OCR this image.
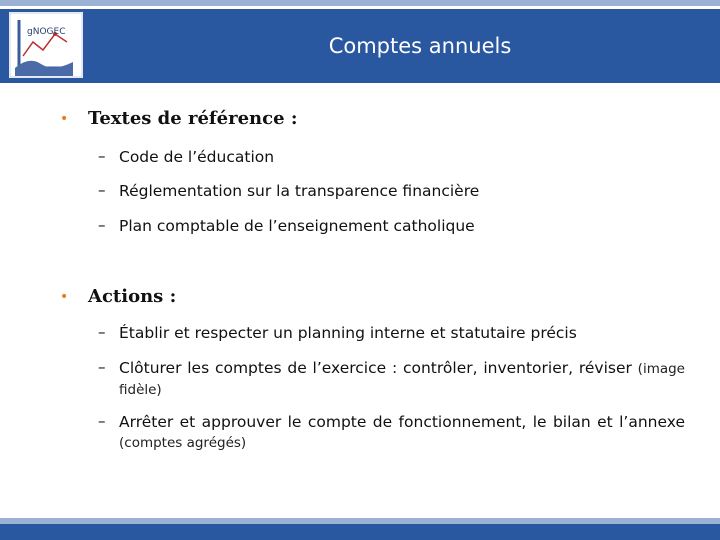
gNOGEC
Comptes annuels
• Textes de référence :
– Code de l’éducation
– Réglementation sur la transparence financière
– Plan comptable de l’enseignement catholique
• Actions :
– Établir et respecter un planning interne et statutaire précis
– Clôturer les comptes de l’exercice : contrôler, inventorier, réviser (image fidèle)
– Arrêter et approuver le compte de fonctionnement, le bilan et l’annexe (comptes agrégés)
